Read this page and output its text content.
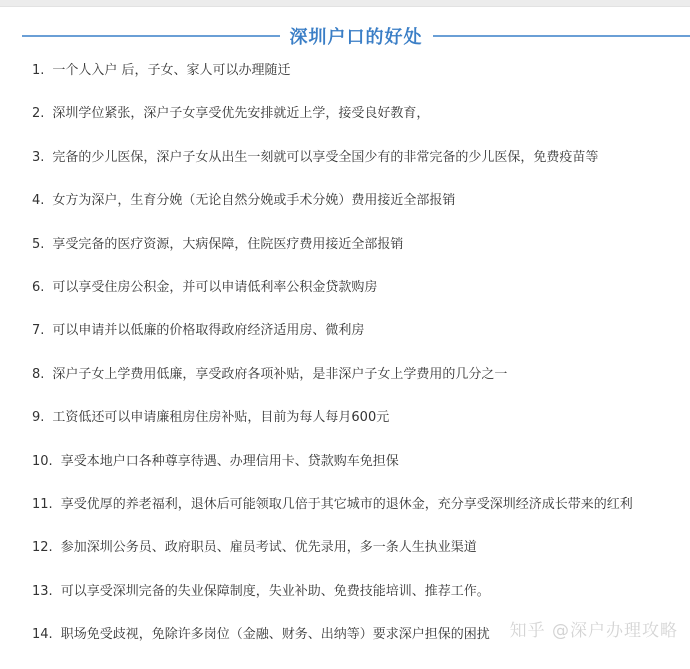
深圳户口的好处
1. 一个人入户 后，子女、家人可以办理随迁
2. 深圳学位紧张，深户子女享受优先安排就近上学，接受良好教育，
3. 完备的少儿医保，深户子女从出生一刻就可以享受全国少有的非常完备的少儿医保，免费疫苗等
4. 女方为深户，生育分娩（无论自然分娩或手术分娩）费用接近全部报销
5. 享受完备的医疗资源，大病保障，住院医疗费用接近全部报销
6. 可以享受住房公积金，并可以申请低利率公积金贷款购房
7. 可以申请并以低廉的价格取得政府经济适用房、微利房
8. 深户子女上学费用低廉，享受政府各项补贴，是非深户子女上学费用的几分之一
9. 工资低还可以申请廉租房住房补贴，目前为每人每月600元
10. 享受本地户口各种尊享待遇、办理信用卡、贷款购车免担保
11. 享受优厚的养老福利，退休后可能领取几倍于其它城市的退休金，充分享受深圳经济成长带来的红利
12. 参加深圳公务员、政府职员、雇员考试、优先录用，多一条人生执业渠道
13. 可以享受深圳完备的失业保障制度，失业补助、免费技能培训、推荐工作。
14. 职场免受歧视，免除许多岗位（金融、财务、出纳等）要求深户担保的困扰 知乎 @深户办理攻略
